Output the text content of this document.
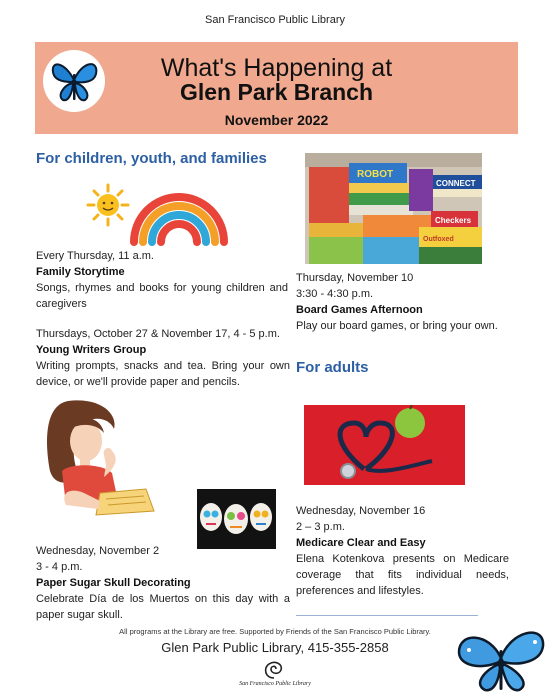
San Francisco Public Library
What's Happening at
Glen Park Branch
November 2022
For children, youth, and families
Every Thursday, 11 a.m.
Family Storytime
Songs, rhymes and books for young children and caregivers
Thursdays, October 27 & November 17, 4 - 5 p.m.
Young Writers Group
Writing prompts, snacks and tea. Bring your own device, or we'll provide paper and pencils.
Wednesday, November 2
3 - 4 p.m.
Paper Sugar Skull Decorating
Celebrate Día de los Muertos on this day with a paper sugar skull.
ROBOT
CONNECT
Checkers
Outfoxed
Thursday, November 10
3:30 - 4:30 p.m.
Board Games Afternoon
Play our board games, or bring your own.
For adults
Wednesday, November 16
2 – 3 p.m.
Medicare Clear and Easy
Elena Kotenkova presents on Medicare coverage that fits individual needs, preferences and lifestyles.
All programs at the Library are free. Supported by Friends of the San Francisco Public Library.
Glen Park Public Library, 415-355-2858
San Francisco Public Library
